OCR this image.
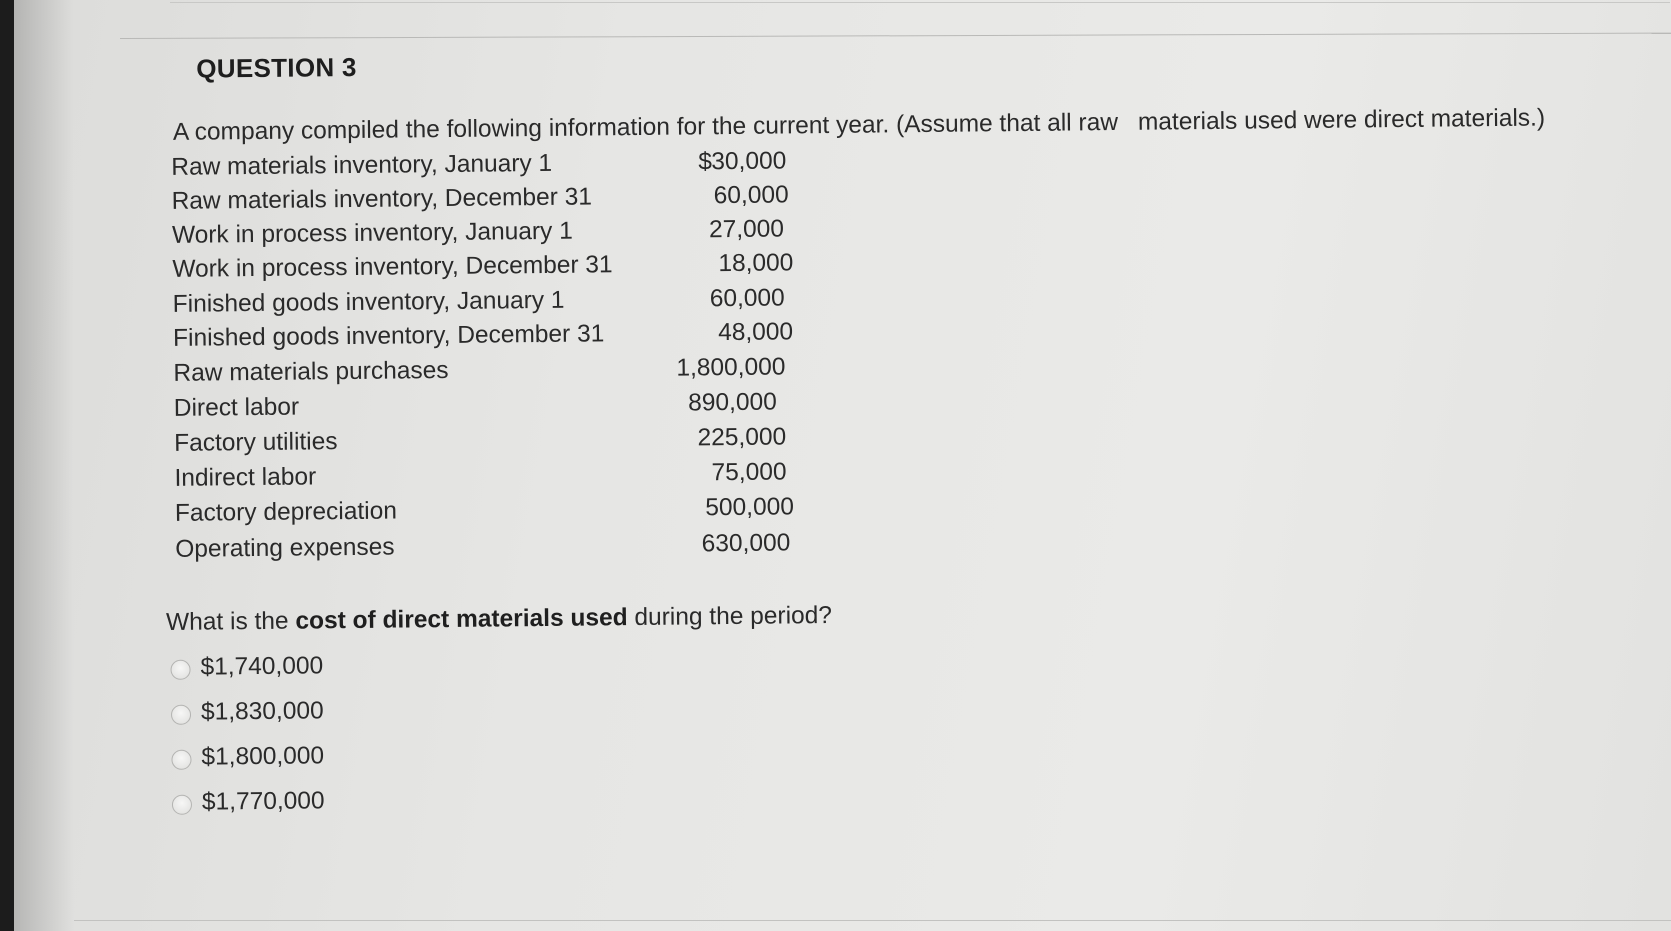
QUESTION 3
A company compiled the following information for the current year. (Assume that all raw materials used were direct materials.)
Raw materials inventory, January 1	$ 30,000
Raw materials inventory, December 31	60,000
Work in process inventory, January 1	27,000
Work in process inventory, December 31	18,000
Finished goods inventory, January 1	60,000
Finished goods inventory, December 31	48,000
Raw materials purchases	1,800,000
Direct labor	890,000
Factory utilities	225,000
Indirect labor	75,000
Factory depreciation	500,000
Operating expenses	630,000
What is the cost of direct materials used during the period?
$1,740,000
$1,830,000
$1,800,000
$1,770,000
